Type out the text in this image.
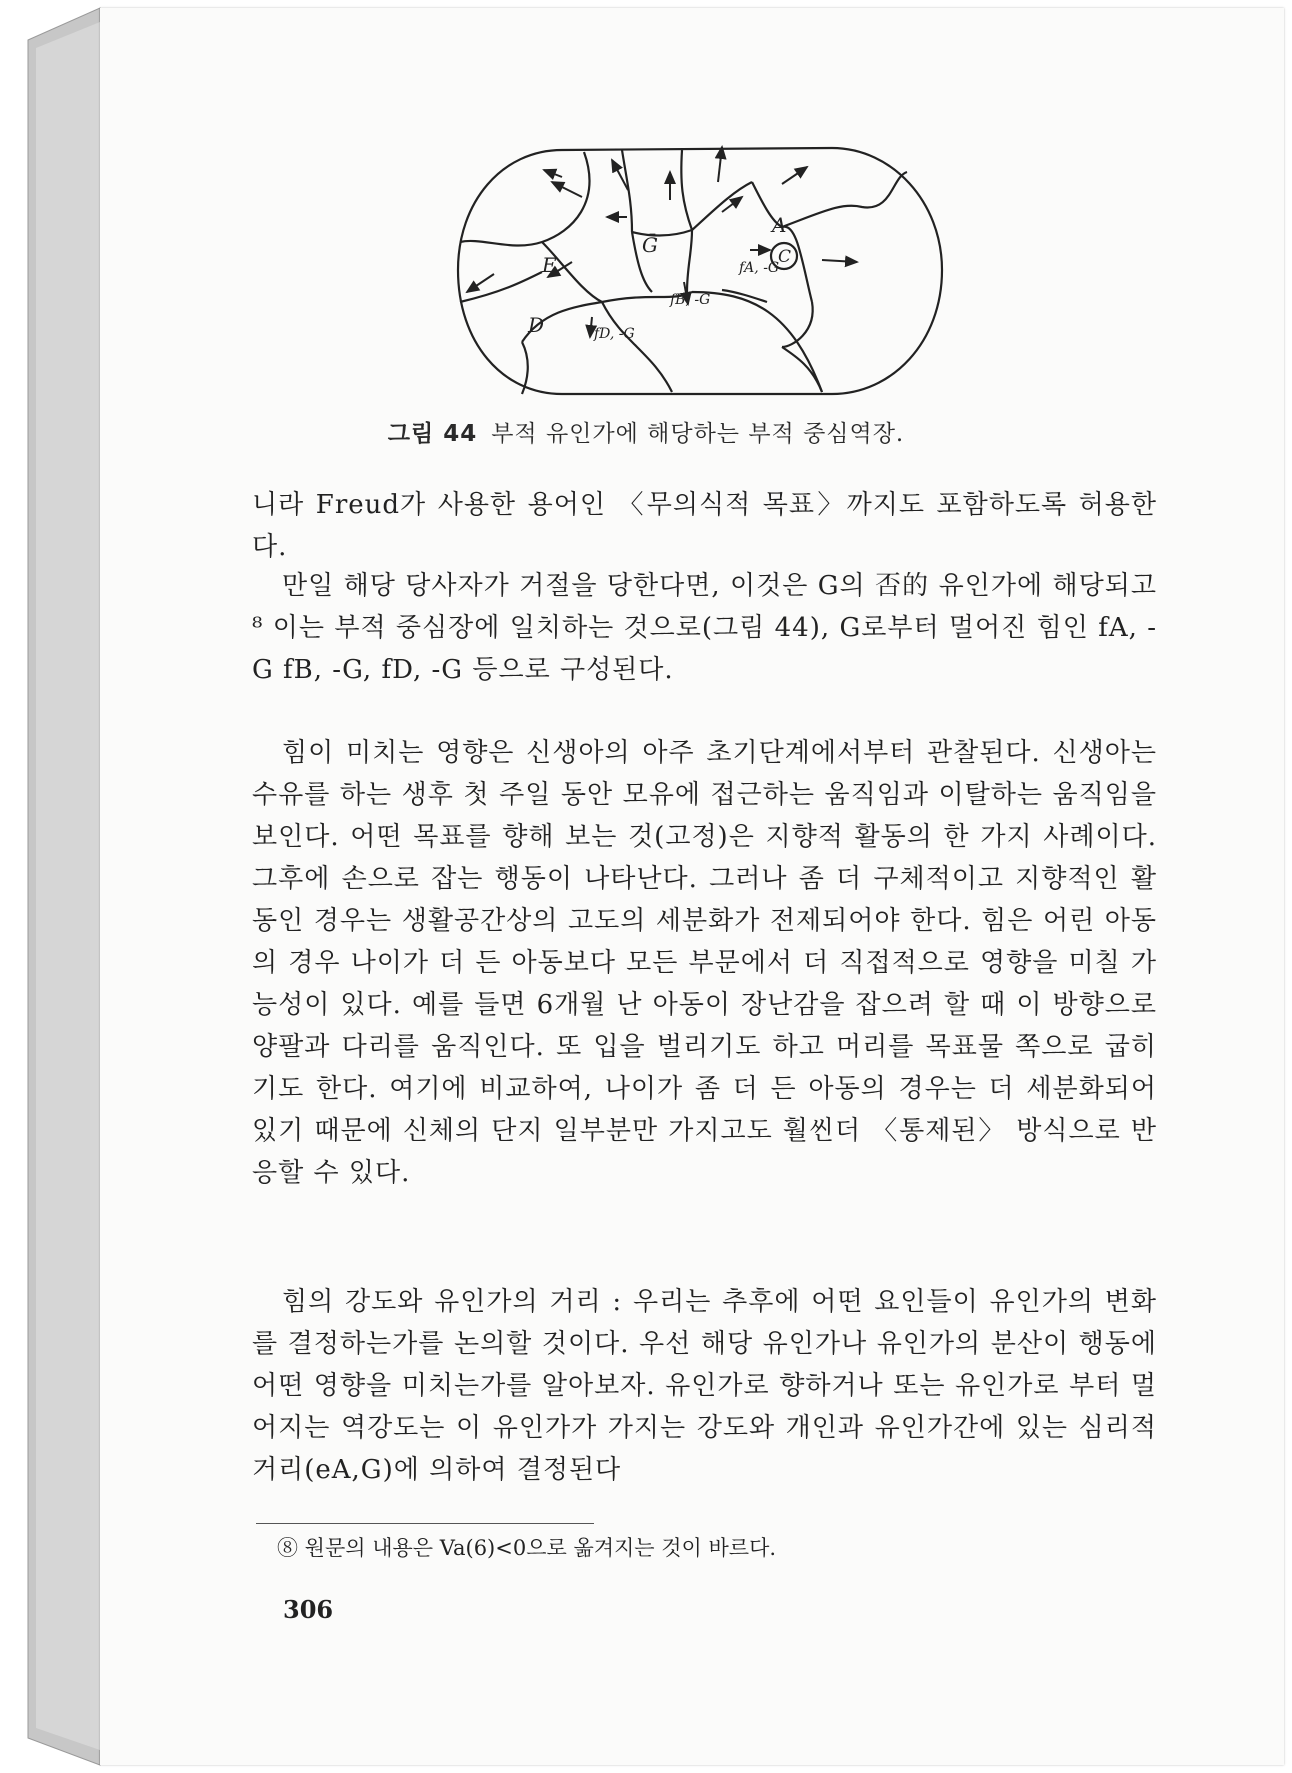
A
C
E
D
Ḡ
fA, -G
fB, -G
fD, -G
그림 44 부적 유인가에 해당하는 부적 중심역장.
니라 Freud가 사용한 용어인 〈무의식적 목표〉까지도 포함하도록 허용한다.
만일 해당 당사자가 거절을 당한다면, 이것은 G의 否的 유인가에 해당되고⁸ 이는 부적 중심장에 일치하는 것으로(그림 44), G로부터 멀어진 힘인 fA, -G fB, -G, fD, -G 등으로 구성된다.
힘이 미치는 영향은 신생아의 아주 초기단계에서부터 관찰된다. 신생아는 수유를 하는 생후 첫 주일 동안 모유에 접근하는 움직임과 이탈하는 움직임을 보인다. 어떤 목표를 향해 보는 것(고정)은 지향적 활동의 한 가지 사례이다. 그후에 손으로 잡는 행동이 나타난다. 그러나 좀 더 구체적이고 지향적인 활동인 경우는 생활공간상의 고도의 세분화가 전제되어야 한다. 힘은 어린 아동의 경우 나이가 더 든 아동보다 모든 부문에서 더 직접적으로 영향을 미칠 가능성이 있다. 예를 들면 6개월 난 아동이 장난감을 잡으려 할 때 이 방향으로 양팔과 다리를 움직인다. 또 입을 벌리기도 하고 머리를 목표물 쪽으로 굽히기도 한다. 여기에 비교하여, 나이가 좀 더 든 아동의 경우는 더 세분화되어 있기 때문에 신체의 단지 일부분만 가지고도 훨씬더 〈통제된〉 방식으로 반응할 수 있다.
힘의 강도와 유인가의 거리 : 우리는 추후에 어떤 요인들이 유인가의 변화를 결정하는가를 논의할 것이다. 우선 해당 유인가나 유인가의 분산이 행동에 어떤 영향을 미치는가를 알아보자. 유인가로 향하거나 또는 유인가로 부터 멀어지는 역강도는 이 유인가가 가지는 강도와 개인과 유인가간에 있는 심리적 거리(eA,G)에 의하여 결정된다
⑧ 원문의 내용은 Va(6)<0으로 옮겨지는 것이 바르다.
306
